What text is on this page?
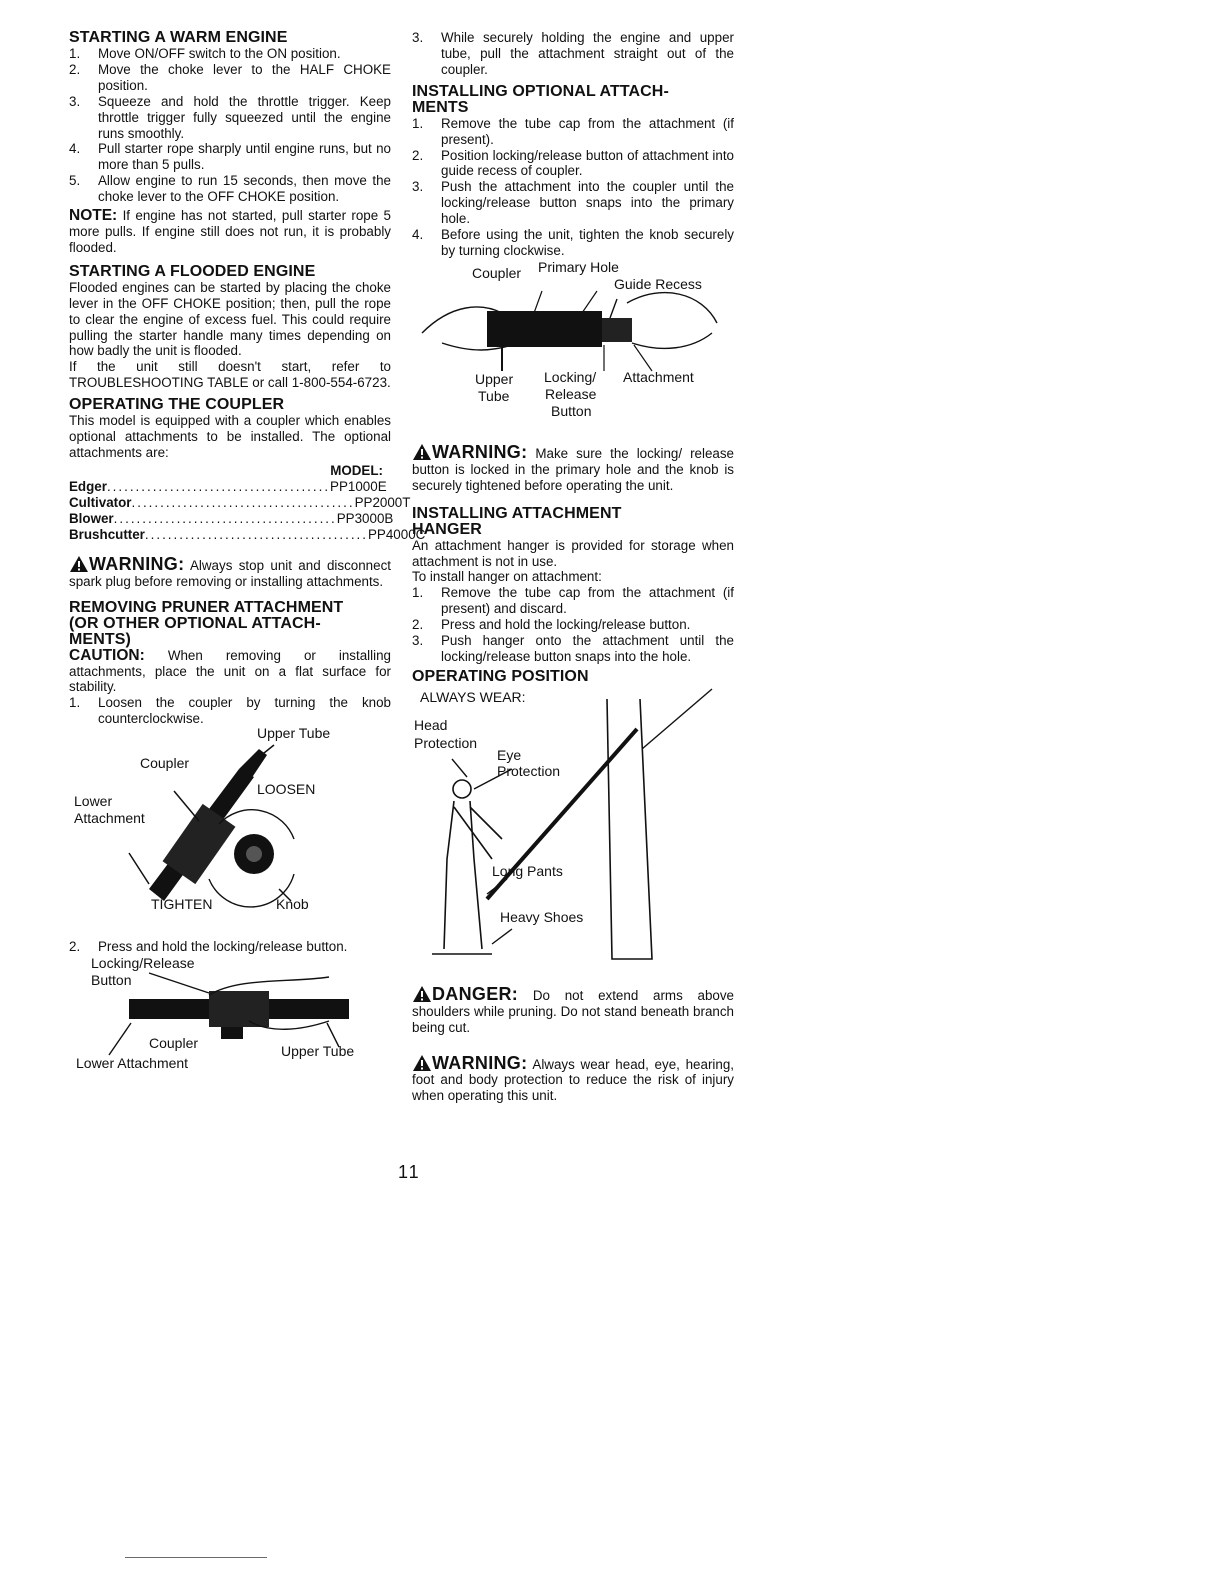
STARTING A WARM ENGINE
1. Move ON/OFF switch to the ON position.
2. Move the choke lever to the HALF CHOKE position.
3. Squeeze and hold the throttle trigger. Keep throttle trigger fully squeezed until the engine runs smoothly.
4. Pull starter rope sharply until engine runs, but no more than 5 pulls.
5. Allow engine to run 15 seconds, then move the choke lever to the OFF CHOKE position.

NOTE: If engine has not started, pull starter rope 5 more pulls. If engine still does not run, it is probably flooded.

STARTING A FLOODED ENGINE

Flooded engines can be started by placing the choke lever in the OFF CHOKE position; then, pull the rope to clear the engine of excess fuel. This could require pulling the starter handle many times depending on how badly the unit is flooded.

If the unit still doesn't start, refer to TROUBLESHOOTING TABLE or call 1-800-554-6723.

OPERATING THE COUPLER

This model is equipped with a coupler which enables optional attachments to be installed. The optional attachments are:

MODEL:
Edger ....................................... PP1000E
Cultivator ....................................... PP2000T
Blower ....................................... PP3000B
Brushcutter ....................................... PP4000C

WARNING: Always stop unit and disconnect spark plug before removing or installing attachments.

REMOVING PRUNER ATTACHMENT
(OR OTHER OPTIONAL ATTACH-
MENTS)

CAUTION: When removing or installing attachments, place the unit on a flat surface for stability.

1. Loosen the coupler by turning the knob counterclockwise.
Upper Tube
Coupler
LOOSEN
Lower
Attachment
TIGHTEN	Knob
2. Press and hold the locking/release button.
Locking/Release
Button
Coupler	Upper Tube
Lower Attachment
3. While securely holding the engine and upper tube, pull the attachment straight out of the coupler.
INSTALLING OPTIONAL ATTACH-
MENTS
1. Remove the tube cap from the attachment (if present).
2. Position locking/release button of attachment into guide recess of coupler.
3. Push the attachment into the coupler until the locking/release button snaps into the primary hole.
4. Before using the unit, tighten the knob securely by turning clockwise.
Coupler Primary Hole
Guide Recess
Upper
Tube
Locking/
Release
Button
Attachment

WARNING: Make sure the locking/ release button is locked in the primary hole and the knob is securely tightened before operating the unit.

INSTALLING ATTACHMENT
HANGER

An attachment hanger is provided for storage when attachment is not in use.

To install hanger on attachment:

1. Remove the tube cap from the attachment (if present) and discard.
2. Press and hold the locking/release button.
3. Push hanger onto the attachment until the locking/release button snaps into the hole.
OPERATING POSITION
ALWAYS WEAR:
Head
Protection
Eye
Protection
Long Pants
Heavy Shoes

DANGER: Do not extend arms above shoulders while pruning. Do not stand beneath branch being cut.

WARNING: Always wear head, eye, hearing, foot and body protection to reduce the risk of injury when operating this unit.

11
